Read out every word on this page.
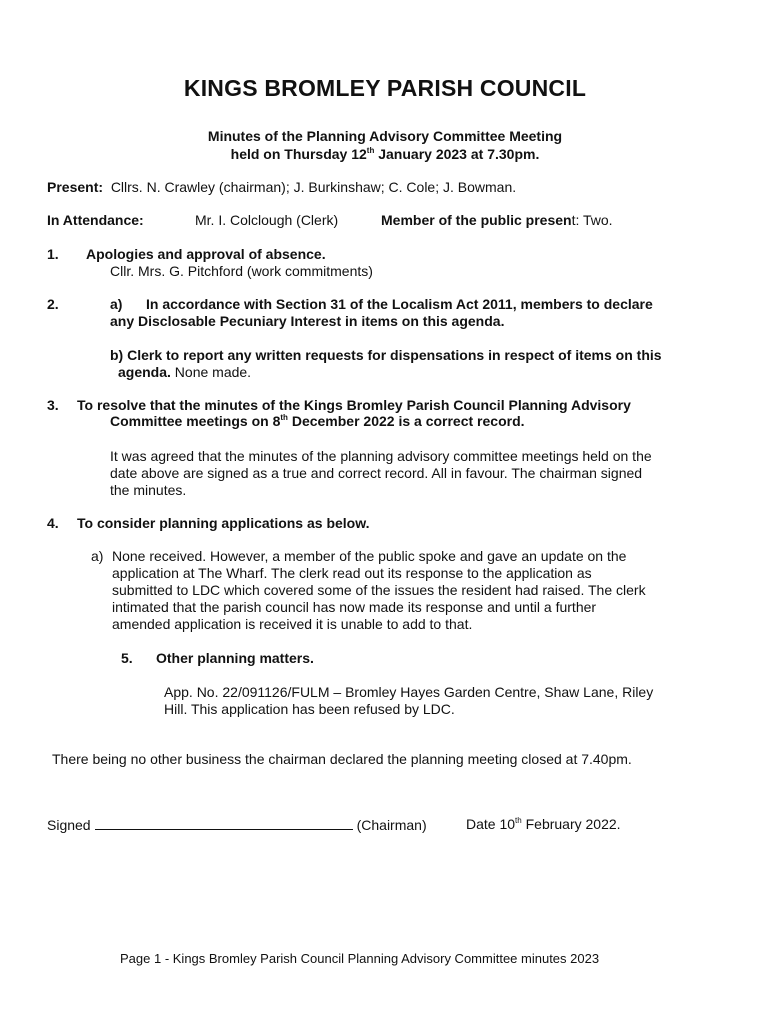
KINGS BROMLEY PARISH COUNCIL
Minutes of the Planning Advisory Committee Meeting
held on Thursday 12th January 2023 at 7.30pm.
Present: Cllrs. N. Crawley (chairman); J. Burkinshaw; C. Cole; J. Bowman.
In Attendance:	Mr. I. Colclough (Clerk)	Member of the public present: Two.
1. Apologies and approval of absence.
Cllr. Mrs. G. Pitchford (work commitments)
2.	a) In accordance with Section 31 of the Localism Act 2011, members to declare
any Disclosable Pecuniary Interest in items on this agenda.
b) Clerk to report any written requests for dispensations in respect of items on this
agenda. None made.
3. To resolve that the minutes of the Kings Bromley Parish Council Planning Advisory
Committee meetings on 8th December 2022 is a correct record.
It was agreed that the minutes of the planning advisory committee meetings held on the
date above are signed as a true and correct record. All in favour. The chairman signed
the minutes.
4. To consider planning applications as below.
a) None received. However, a member of the public spoke and gave an update on the
application at The Wharf. The clerk read out its response to the application as
submitted to LDC which covered some of the issues the resident had raised. The clerk
intimated that the parish council has now made its response and until a further
amended application is received it is unable to add to that.
5. Other planning matters.
App. No. 22/091126/FULM – Bromley Hayes Garden Centre, Shaw Lane, Riley
Hill. This application has been refused by LDC.
There being no other business the chairman declared the planning meeting closed at 7.40pm.
Signed	(Chairman)	Date 10th February 2022.
Page 1 - Kings Bromley Parish Council Planning Advisory Committee minutes 2023
